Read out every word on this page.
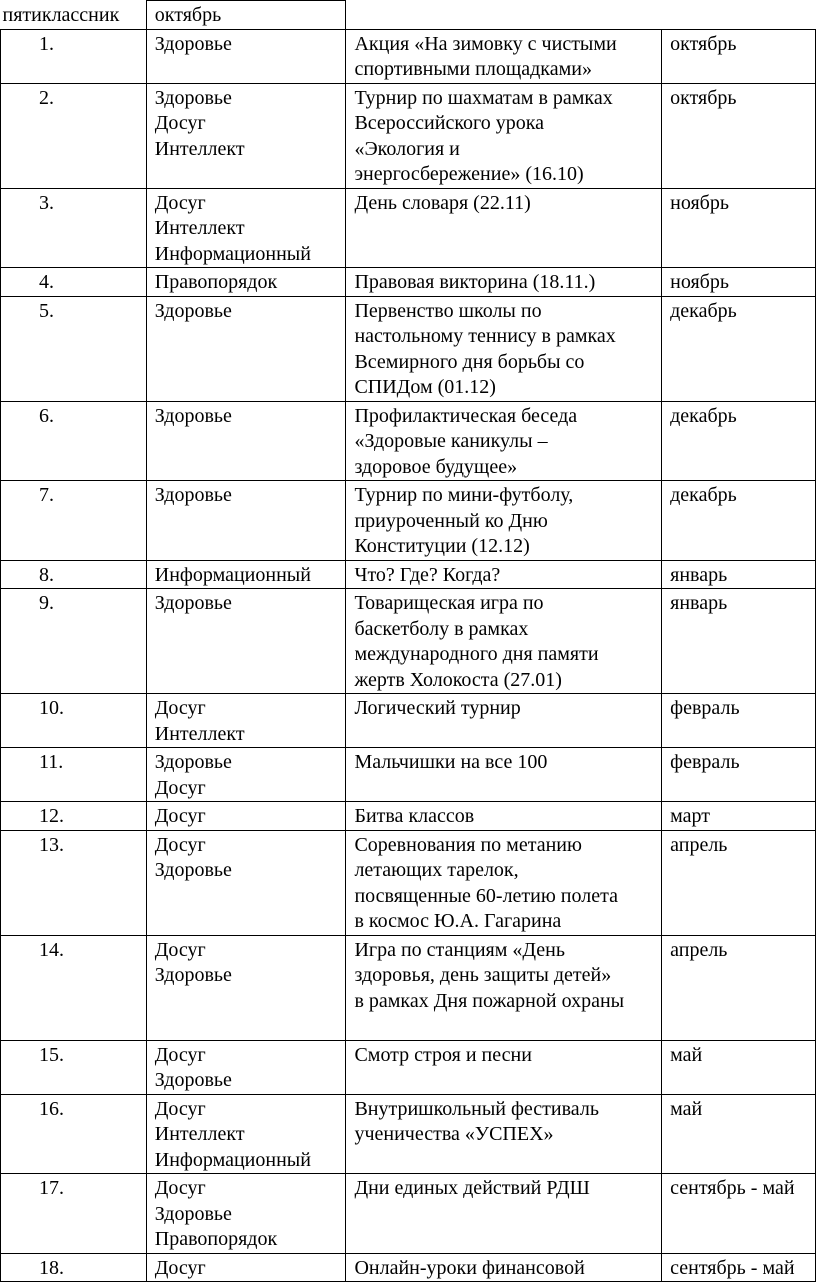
пятиклассник	октябрь		
1.	Здоровье	Акция «На зимовку с чистыми
спортивными площадками»	октябрь
2.	Здоровье
Досуг
Интеллект	Турнир по шахматам в рамках
Всероссийского урока
«Экология и
энергосбережение» (16.10)	октябрь
3.	Досуг
Интеллект
Информационный	День словаря (22.11)	ноябрь
4.	Правопорядок	Правовая викторина (18.11.)	ноябрь
5.	Здоровье	Первенство школы по
настольному теннису в рамках
Всемирного дня борьбы со
СПИДом (01.12)	декабрь
6.	Здоровье	Профилактическая беседа
«Здоровые каникулы –
здоровое будущее»	декабрь
7.	Здоровье	Турнир по мини-футболу,
приуроченный ко Дню
Конституции (12.12)	декабрь
8.	Информационный	Что? Где? Когда?	январь
9.	Здоровье	Товарищеская игра по
баскетболу в рамках
международного дня памяти
жертв Холокоста (27.01)	январь
10.	Досуг
Интеллект	Логический турнир	февраль
11.	Здоровье
Досуг	Мальчишки на все 100	февраль
12.	Досуг	Битва классов	март
13.	Досуг
Здоровье	Соревнования по метанию
летающих тарелок,
посвященные 60-летию полета
в космос Ю.А. Гагарина	апрель
14.	Досуг
Здоровье	Игра по станциям «День
здоровья, день защиты детей»
в рамках Дня пожарной охраны	апрель
15.	Досуг
Здоровье	Смотр строя и песни	май
16.	Досуг
Интеллект
Информационный	Внутришкольный фестиваль
ученичества «УСПЕХ»	май
17.	Досуг
Здоровье
Правопорядок	Дни единых действий РДШ	сентябрь - май
18.	Досуг	Онлайн-уроки финансовой	сентябрь - май
